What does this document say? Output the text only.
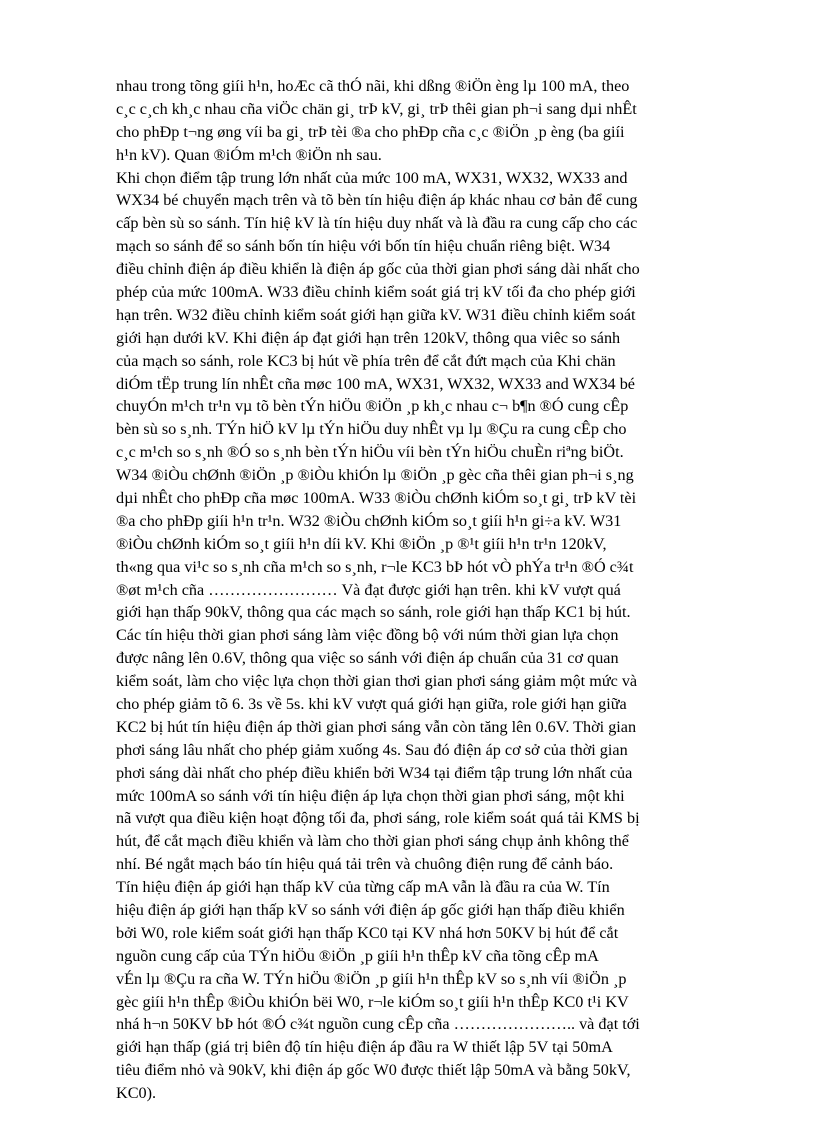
nhau trong tõng giíi h¹n, hoÆc cã thÓ nãi, khi dßng ®iÖn èng lµ 100 mA, theo
c¸c c¸ch kh¸c nhau cña viÖc chän gi¸ trÞ kV, gi¸ trÞ thêi gian ph¬i sang dµi nhÊt
cho phÐp t¬ng øng víi ba gi¸ trÞ tèi ®a cho phÐp cña c¸c ®iÖn ¸p èng (ba giíi
h¹n kV). Quan ®iÓm m¹ch ®iÖn nh sau.
Khi chọn điểm tập trung lớn nhất của mức 100 mA, WX31, WX32, WX33 and
WX34 bé chuyển mạch trên và tõ bèn tín hiệu điện áp khác nhau cơ bản để cung
cấp bèn sù so sánh. Tín hiệ kV là tín hiệu duy nhất và là đầu ra cung cấp cho các
mạch so sánh để so sánh bốn tín hiệu với bốn tín hiệu chuẩn riêng biệt. W34
điều chỉnh điện áp điều khiển là điện áp gốc của thời gian phơi sáng dài nhất cho
phép của mức 100mA. W33 điều chỉnh kiểm soát giá trị kV tối đa cho phép giới
hạn trên. W32 điều chỉnh kiểm soát giới hạn giữa kV. W31 điều chỉnh kiểm soát
giới hạn dưới kV. Khi điện áp đạt giới hạn trên 120kV, thông qua viêc so sánh
của mạch so sánh, role KC3 bị hút về phía trên để cắt đứt mạch của Khi chän
diÓm tËp trung lín nhÊt cña møc 100 mA, WX31, WX32, WX33 and WX34 bé
chuyÓn m¹ch tr¹n vµ tõ bèn tÝn hiÖu ®iÖn ¸p kh¸c nhau c¬ b¶n ®Ó cung cÊp
bèn sù so s¸nh. TÝn hiÖ kV lµ tÝn hiÖu duy nhÊt vµ lµ ®Çu ra cung cÊp cho
c¸c m¹ch so s¸nh ®Ó so s¸nh bèn tÝn hiÖu víi bèn tÝn hiÖu chuÈn riªng biÖt.
W34 ®iÒu chØnh ®iÖn ¸p ®iÒu khiÓn lµ ®iÖn ¸p gèc cña thêi gian ph¬i s¸ng
dµi nhÊt cho phÐp cña møc 100mA. W33 ®iÒu chØnh kiÓm so¸t gi¸ trÞ kV tèi
®a cho phÐp giíi h¹n tr¹n. W32 ®iÒu chØnh kiÓm so¸t giíi h¹n gi÷a kV. W31
®iÒu chØnh kiÓm so¸t giíi h¹n díi kV. Khi ®iÖn ¸p ®¹t giíi h¹n tr¹n 120kV,
th«ng qua vi¹c so s¸nh cña m¹ch so s¸nh, r¬le KC3 bÞ hót vÒ phÝa tr¹n ®Ó c¾t
®øt m¹ch cña …………………… Và đạt được giới hạn trên. khi kV vượt quá
giới hạn thấp 90kV, thông qua các mạch so sánh, role giới hạn thấp KC1 bị hút.
Các tín hiệu thời gian phơi sáng làm việc đồng bộ với núm thời gian lựa chọn
được nâng lên 0.6V, thông qua việc so sánh với điện áp chuẩn của 31 cơ quan
kiểm soát, làm cho việc lựa chọn thời gian thơi gian phơi sáng giảm một mức và
cho phép giảm tõ 6. 3s về 5s. khi kV vượt quá giới hạn giữa, role giới hạn giữa
KC2 bị hút tín hiệu điện áp thời gian phơi sáng vẫn còn tăng lên 0.6V. Thời gian
phơi sáng lâu nhất cho phép giảm xuống 4s. Sau đó điện áp cơ sở của thời gian
phơi sáng dài nhất cho phép điều khiển bởi W34 tại điểm tập trung lớn nhất của
mức 100mA so sánh với tín hiệu điện áp lựa chọn thời gian phơi sáng, một khi
nã vượt qua điều kiện hoạt động tối đa, phơi sáng, role kiểm soát quá tải KMS bị
hút, để cắt mạch điều khiển và làm cho thời gian phơi sáng chụp ảnh không thể
nhí. Bé ngắt mạch báo tín hiệu quá tải trên và chuông điện rung để cảnh báo.
Tín hiệu điện áp giới hạn thấp kV của từng cấp mA vẫn là đầu ra của W. Tín
hiệu điện áp giới hạn thấp kV so sánh với điện áp gốc giới hạn thấp điều khiển
bởi W0, role kiểm soát giới hạn thấp KC0 tại KV nhá hơn 50KV bị hút để cắt
nguồn cung cấp của TÝn hiÖu ®iÖn ¸p giíi h¹n thÊp kV cña tõng cÊp mA
vÉn lµ ®Çu ra cña W. TÝn hiÖu ®iÖn ¸p giíi h¹n thÊp kV so s¸nh víi ®iÖn ¸p
gèc giíi h¹n thÊp ®iÒu khiÓn bëi W0, r¬le kiÓm so¸t giíi h¹n thÊp KC0 t¹i KV
nhá h¬n 50KV bÞ hót ®Ó c¾t nguồn cung cÊp cña ………………….. và đạt tới
giới hạn thấp (giá trị biên độ tín hiệu điện áp đầu ra W thiết lập 5V tại 50mA
tiêu điểm nhỏ và 90kV, khi điện áp gốc W0 được thiết lập 50mA và bằng 50kV,
KC0).
